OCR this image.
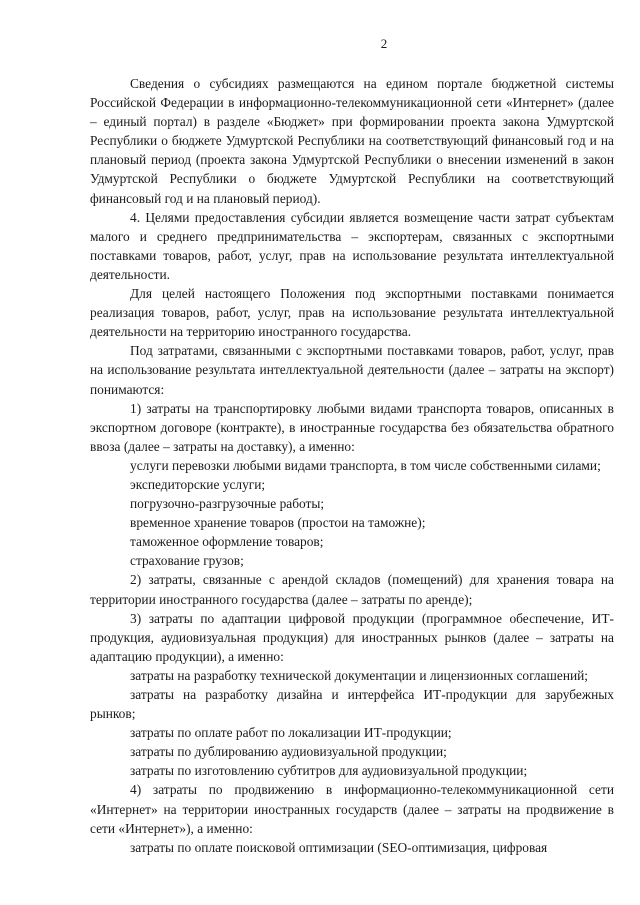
2

Сведения о субсидиях размещаются на едином портале бюджетной системы Российской Федерации в информационно-телекоммуникационной сети «Интернет» (далее – единый портал) в разделе «Бюджет» при формировании проекта закона Удмуртской Республики о бюджете Удмуртской Республики на соответствующий финансовый год и на плановый период (проекта закона Удмуртской Республики о внесении изменений в закон Удмуртской Республики о бюджете Удмуртской Республики на соответствующий финансовый год и на плановый период).

4. Целями предоставления субсидии является возмещение части затрат субъектам малого и среднего предпринимательства – экспортерам, связанных с экспортными поставками товаров, работ, услуг, прав на использование результата интеллектуальной деятельности.

Для целей настоящего Положения под экспортными поставками понимается реализация товаров, работ, услуг, прав на использование результата интеллектуальной деятельности на территорию иностранного государства.

Под затратами, связанными с экспортными поставками товаров, работ, услуг, прав на использование результата интеллектуальной деятельности (далее – затраты на экспорт) понимаются:

1) затраты на транспортировку любыми видами транспорта товаров, описанных в экспортном договоре (контракте), в иностранные государства без обязательства обратного ввоза (далее – затраты на доставку), а именно:

услуги перевозки любыми видами транспорта, в том числе собственными силами;

экспедиторские услуги;

погрузочно-разгрузочные работы;

временное хранение товаров (простои на таможне);

таможенное оформление товаров;

страхование грузов;

2) затраты, связанные с арендой складов (помещений) для хранения товара на территории иностранного государства (далее – затраты по аренде);

3) затраты по адаптации цифровой продукции (программное обеспечение, ИТ-продукция, аудиовизуальная продукция) для иностранных рынков (далее – затраты на адаптацию продукции), а именно:

затраты на разработку технической документации и лицензионных соглашений;

затраты на разработку дизайна и интерфейса ИТ-продукции для зарубежных рынков;

затраты по оплате работ по локализации ИТ-продукции;

затраты по дублированию аудиовизуальной продукции;

затраты по изготовлению субтитров для аудиовизуальной продукции;

4) затраты по продвижению в информационно-телекоммуникационной сети «Интернет» на территории иностранных государств (далее – затраты на продвижение в сети «Интернет»), а именно:

затраты по оплате поисковой оптимизации (SEO-оптимизация, цифровая
